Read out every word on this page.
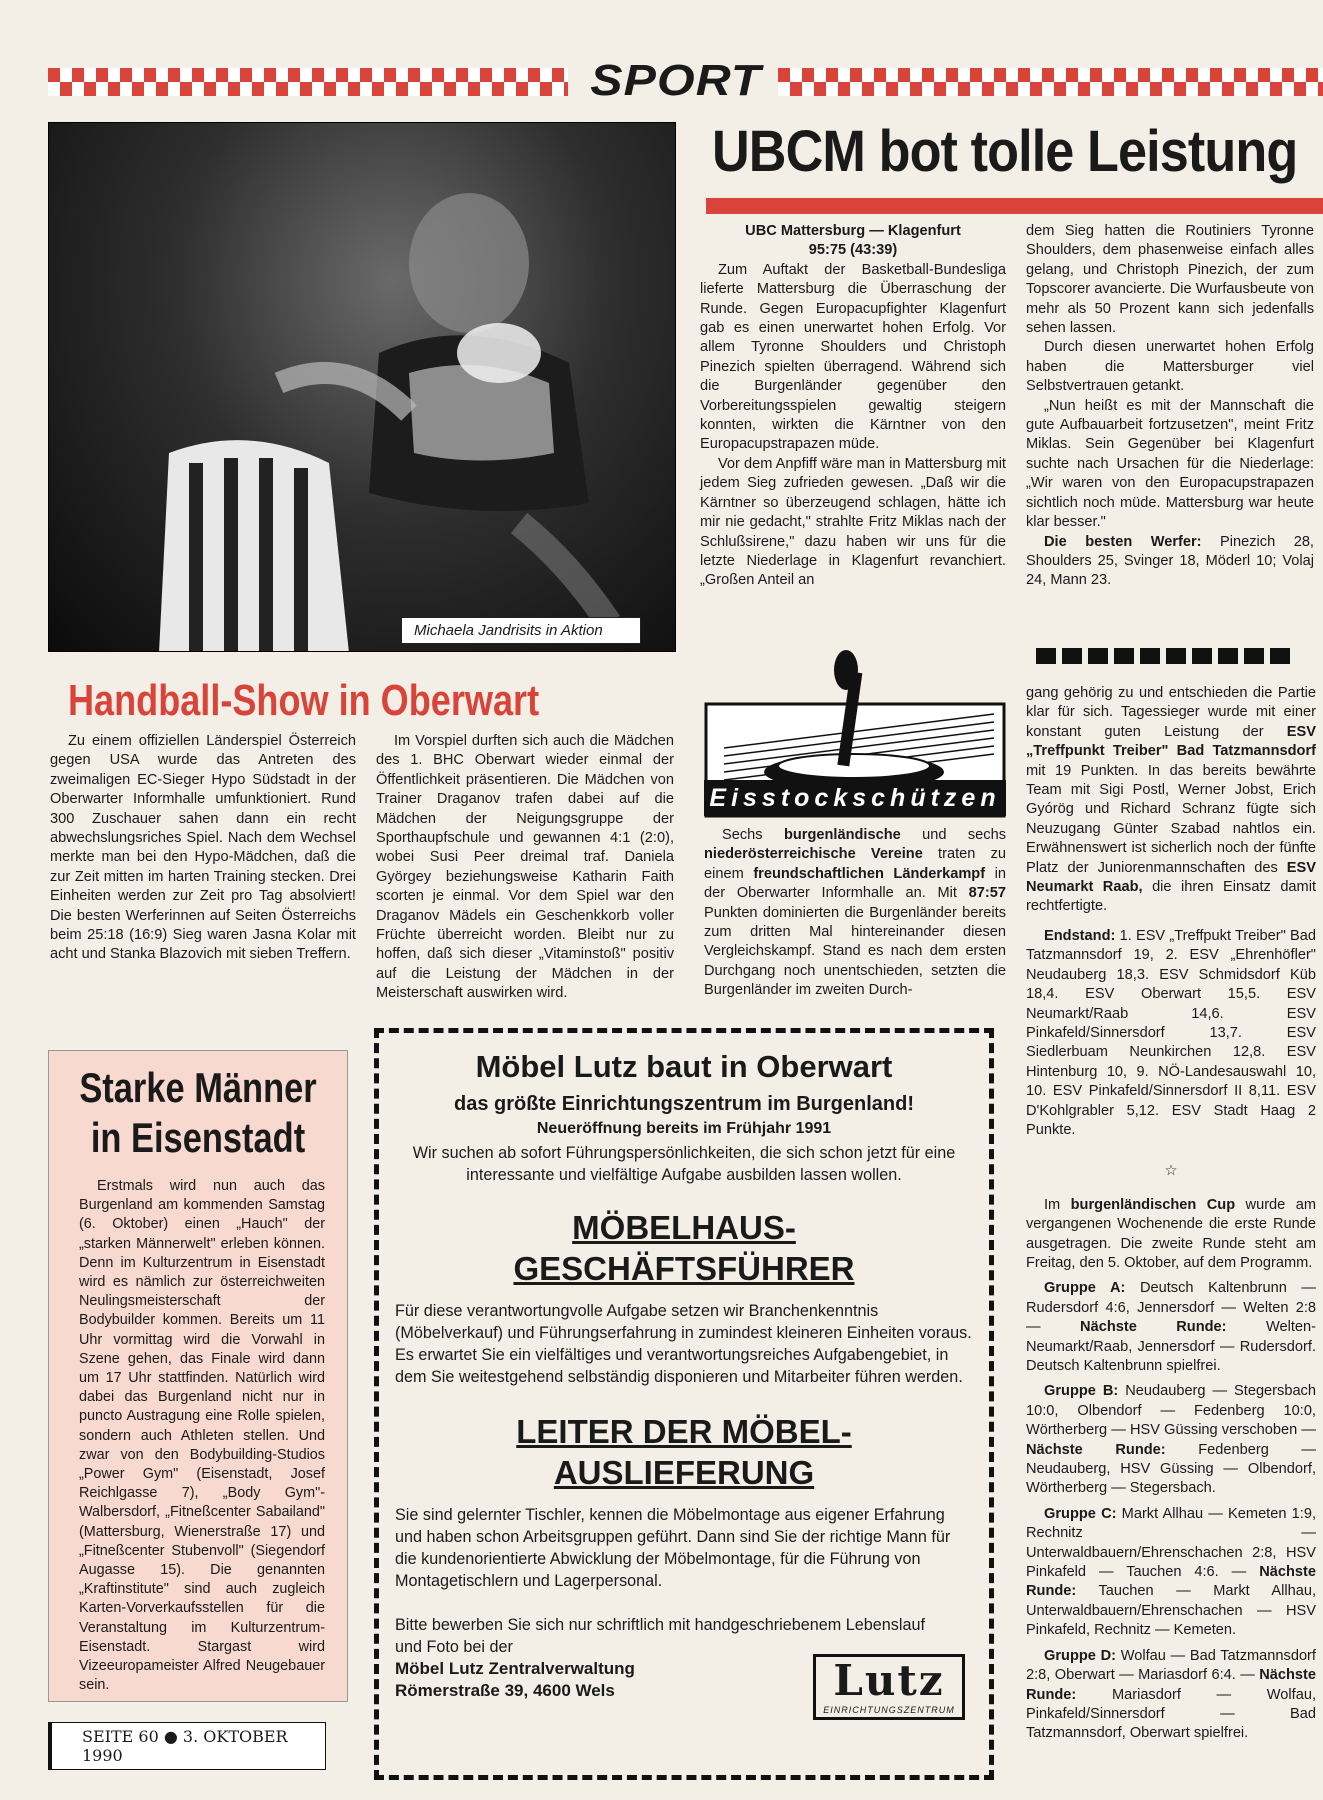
SPORT
Michaela Jandrisits in Aktion
UBCM bot tolle Leistung

UBC Mattersburg — Klagenfurt

95:75 (43:39)

Zum Auftakt der Basketball-Bundesliga lieferte Mattersburg die Überraschung der Runde. Gegen Europacupfighter Klagenfurt gab es einen unerwartet hohen Erfolg. Vor allem Tyronne Shoulders und Christoph Pinezich spielten überragend. Während sich die Burgenländer gegenüber den Vorbereitungsspielen gewaltig steigern konnten, wirkten die Kärntner von den Europacupstrapazen müde.

Vor dem Anpfiff wäre man in Mattersburg mit jedem Sieg zufrieden gewesen. „Daß wir die Kärntner so überzeugend schlagen, hätte ich mir nie gedacht," strahlte Fritz Miklas nach der Schlußsirene," dazu haben wir uns für die letzte Niederlage in Klagenfurt revanchiert. „Großen Anteil an

dem Sieg hatten die Routiniers Tyronne Shoulders, dem phasenweise einfach alles gelang, und Christoph Pinezich, der zum Topscorer avancierte. Die Wurfausbeute von mehr als 50 Prozent kann sich jedenfalls sehen lassen.

Durch diesen unerwartet hohen Erfolg haben die Mattersburger viel Selbstvertrauen getankt.

„Nun heißt es mit der Mannschaft die gute Aufbauarbeit fortzusetzen", meint Fritz Miklas. Sein Gegenüber bei Klagenfurt suchte nach Ursachen für die Niederlage: „Wir waren von den Europacupstrapazen sichtlich noch müde. Mattersburg war heute klar besser."

Die besten Werfer: Pinezich 28, Shoulders 25, Svinger 18, Möderl 10; Volaj 24, Mann 23.

Handball-Show in Oberwart

Zu einem offiziellen Länderspiel Österreich gegen USA wurde das Antreten des zweimaligen EC-Sieger Hypo Südstadt in der Oberwarter Informhalle umfunktioniert. Rund 300 Zuschauer sahen dann ein recht abwechslungsriches Spiel. Nach dem Wechsel merkte man bei den Hypo-Mädchen, daß die zur Zeit mitten im harten Training stecken. Drei Einheiten werden zur Zeit pro Tag absolviert! Die besten Werferinnen auf Seiten Österreichs beim 25:18 (16:9) Sieg waren Jasna Kolar mit acht und Stanka Blazovich mit sieben Treffern.

Im Vorspiel durften sich auch die Mädchen des 1. BHC Oberwart wieder einmal der Öffentlichkeit präsentieren. Die Mädchen von Trainer Draganov trafen dabei auf die Mädchen der Neigungsgruppe der Sporthaupfschule und gewannen 4:1 (2:0), wobei Susi Peer dreimal traf. Daniela Györgey beziehungsweise Katharin Faith scorten je einmal. Vor dem Spiel war den Draganov Mädels ein Geschenkkorb voller Früchte überreicht worden. Bleibt nur zu hoffen, daß sich dieser „Vitaminstoß" positiv auf die Leistung der Mädchen in der Meisterschaft auswirken wird.

Eisstockschützen

Sechs burgenländische und sechs niederösterreichische Vereine traten zu einem freundschaftlichen Länderkampf in der Oberwarter Informhalle an. Mit 87:57 Punkten dominierten die Burgenländer bereits zum dritten Mal hintereinander diesen Vergleichskampf. Stand es nach dem ersten Durchgang noch unentschieden, setzten die Burgenländer im zweiten Durch-

gang gehörig zu und entschieden die Partie klar für sich. Tagessieger wurde mit einer konstant guten Leistung der ESV „Treffpunkt Treiber" Bad Tatzmannsdorf mit 19 Punkten. In das bereits bewährte Team mit Sigi Postl, Werner Jobst, Erich Gyórög und Richard Schranz fügte sich Neuzugang Günter Szabad nahtlos ein. Erwähnenswert ist sicherlich noch der fünfte Platz der Juniorenmannschaften des ESV Neumarkt Raab, die ihren Einsatz damit rechtfertigte.

Endstand: 1. ESV „Treffpukt Treiber" Bad Tatzmannsdorf 19, 2. ESV „Ehrenhöfler" Neudauberg 18,3. ESV Schmidsdorf Küb 18,4. ESV Oberwart 15,5. ESV Neumarkt/Raab 14,6. ESV Pinkafeld/Sinnersdorf 13,7. ESV Siedlerbuam Neunkirchen 12,8. ESV Hintenburg 10, 9. NÖ-Landesauswahl 10, 10. ESV Pinkafeld/Sinnersdorf II 8,11. ESV D'Kohlgrabler 5,12. ESV Stadt Haag 2 Punkte.

☆

Im burgenländischen Cup wurde am vergangenen Wochenende die erste Runde ausgetragen. Die zweite Runde steht am Freitag, den 5. Oktober, auf dem Programm.

Gruppe A: Deutsch Kaltenbrunn — Rudersdorf 4:6, Jennersdorf — Welten 2:8 —	Nächste Runde:	Welten-Neumarkt/Raab, Jennersdorf — Rudersdorf. Deutsch Kaltenbrunn spielfrei.

Gruppe B: Neudauberg — Stegersbach 10:0, Olbendorf — Fedenberg 10:0, Wörtherberg — HSV Güssing verschoben — Nächste Runde: Fedenberg — Neudauberg, HSV Güssing — Olbendorf, Wörtherberg — Stegersbach.

Gruppe C: Markt Allhau — Kemeten 1:9, Rechnitz — Unterwaldbauern/Ehrenschachen 2:8, HSV Pinkafeld — Tauchen 4:6. — Nächste Runde: Tauchen — Markt Allhau, Unterwaldbauern/Ehrenschachen — HSV Pinkafeld, Rechnitz — Kemeten.

Gruppe D: Wolfau — Bad Tatzmannsdorf 2:8, Oberwart — Mariasdorf 6:4. — Nächste Runde: Mariasdorf — Wolfau, Pinkafeld/Sinnersdorf — Bad Tatzmannsdorf, Oberwart spielfrei.

Starke Männer
in Eisenstadt

Erstmals wird nun auch das Burgenland am kommenden Samstag (6. Oktober) einen „Hauch" der „starken Männerwelt" erleben können. Denn im Kulturzentrum in Eisenstadt wird es nämlich zur österreichweiten Neulingsmeisterschaft der Bodybuilder kommen. Bereits um 11 Uhr vormittag wird die Vorwahl in Szene gehen, das Finale wird dann um 17 Uhr stattfinden. Natürlich wird dabei das Burgenland nicht nur in puncto Austragung eine Rolle spielen, sondern auch Athleten stellen. Und zwar von den Bodybuilding-Studios „Power Gym" (Eisenstadt, Josef Reichlgasse 7), „Body Gym"-Walbersdorf, „Fitneßcenter Sabailand" (Mattersburg, Wienerstraße 17) und „Fitneßcenter Stubenvoll" (Siegendorf Augasse 15). Die genannten „Kraftinstitute" sind auch zugleich Karten-Vorverkaufsstellen für die Veranstaltung im Kulturzentrum-Eisenstadt. Stargast wird Vizeeuropameister Alfred Neugebauer sein.

SEITE 60 ● 3. OKTOBER 1990
Möbel Lutz baut in Oberwart
das größte Einrichtungszentrum im Burgenland!
Neueröffnung bereits im Frühjahr 1991

Wir suchen ab sofort Führungspersönlichkeiten, die sich schon jetzt für eine interessante und vielfältige Aufgabe ausbilden lassen wollen.

MÖBELHAUS-
GESCHÄFTSFÜHRER

Für diese verantwortungvolle Aufgabe setzen wir Branchenkenntnis (Möbelverkauf) und Führungserfahrung in zumindest kleineren Einheiten voraus. Es erwartet Sie ein vielfältiges und verantwortungsreiches Aufgabengebiet, in dem Sie weitestgehend selbständig disponieren und Mitarbeiter führen werden.

LEITER DER MÖBEL-
AUSLIEFERUNG

Sie sind gelernter Tischler, kennen die Möbelmontage aus eigener Erfahrung und haben schon Arbeitsgruppen geführt. Dann sind Sie der richtige Mann für die kundenorientierte Abwicklung der Möbelmontage, für die Führung von Montagetischlern und Lagerpersonal.

Bitte bewerben Sie sich nur schriftlich mit handgeschriebenem Lebenslauf und Foto bei der

Möbel Lutz Zentralverwaltung

Römerstraße 39, 4600 Wels	Lutz
EINRICHTUNGSZENTRUM
